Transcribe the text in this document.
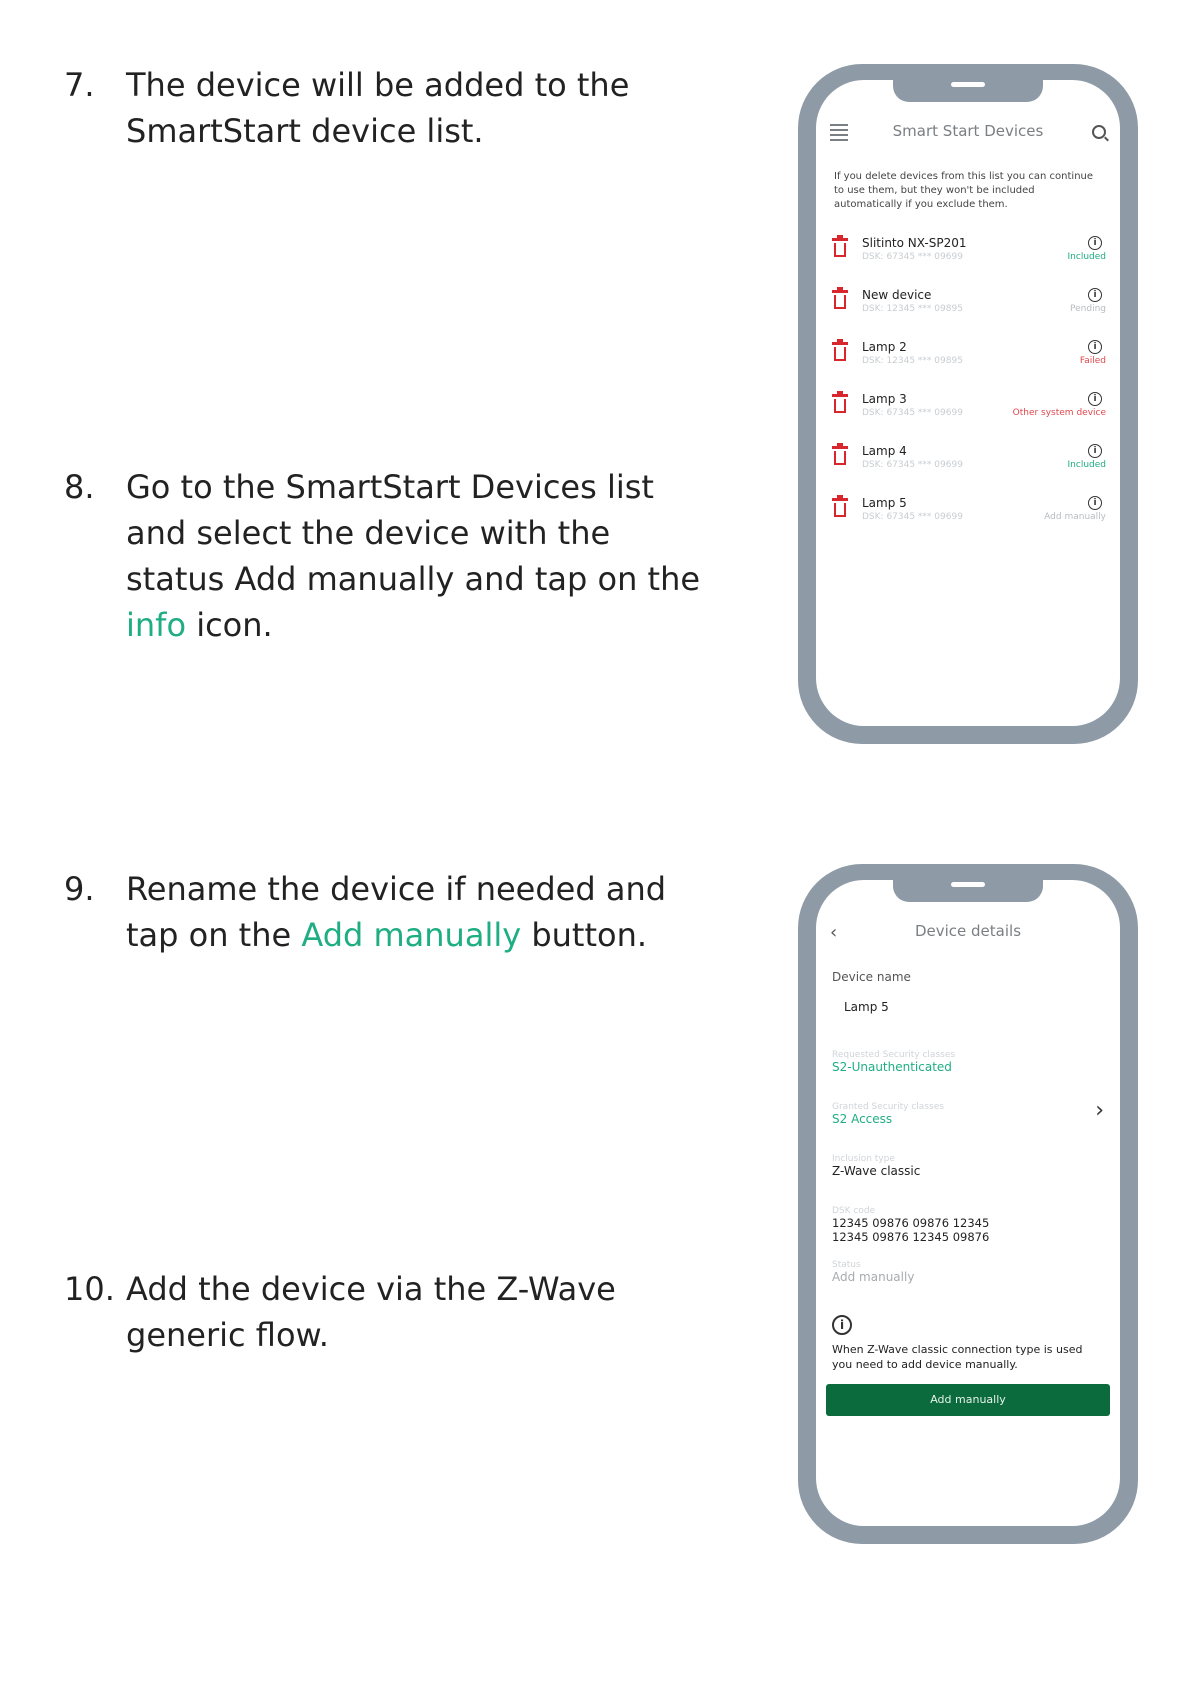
7. The device will be added to the SmartStart device list.
8. Go to the SmartStart Devices list and select the device with the status Add manually and tap on the info icon.
9. Rename the device if needed and tap on the Add manually button.
10. Add the device via the Z-Wave generic flow.
Smart Start Devices
If you delete devices from this list you can continue to use them, but they won't be included automatically if you exclude them.
Slitinto NX-SP201
DSK: 67345 *** 09699
i
Included
New device
DSK: 12345 *** 09895
i
Pending
Lamp 2
DSK: 12345 *** 09895
i
Failed
Lamp 3
DSK: 67345 *** 09699
i
Other system device
Lamp 4
DSK: 67345 *** 09699
i
Included
Lamp 5
DSK: 67345 *** 09699
i
Add manually
‹	Device details
Device name
Lamp 5
Requested Security classes
S2-Unauthenticated
Granted Security classes
S2 Access	›
Inclusion type
Z-Wave classic
DSK code
12345 09876 09876 12345
12345 09876 12345 09876
Status
Add manually
i
When Z-Wave classic connection type is used you need to add device manually.
Add manually
